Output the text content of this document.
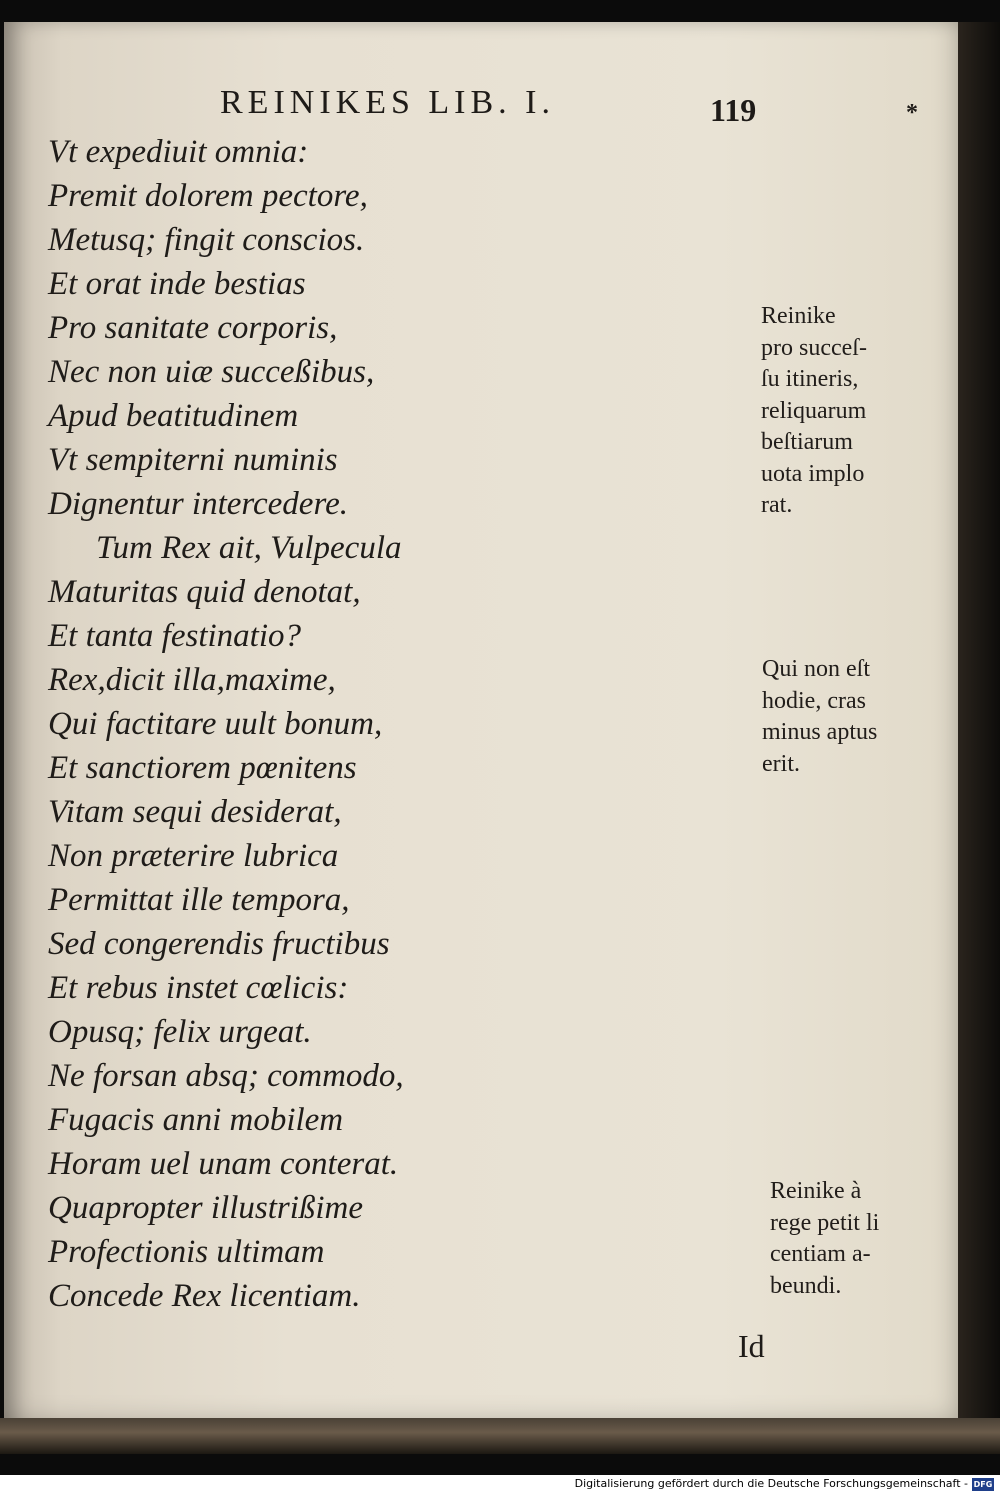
REINIKES LIB. I.	119	*
Vt expediuit omnia:
Premit dolorem pectore,
Metusq; fingit conscios.
Et orat inde bestias
Pro sanitate corporis,
Nec non uiæ succeßibus,
Apud beatitudinem
Vt sempiterni numinis
Dignentur intercedere.
Tum Rex ait, Vulpecula
Maturitas quid denotat,
Et tanta festinatio?
Rex,dicit illa,maxime,
Qui factitare uult bonum,
Et sanctiorem pœnitens
Vitam sequi desiderat,
Non præterire lubrica
Permittat ille tempora,
Sed congerendis fructibus
Et rebus instet cœlicis:
Opusq; felix urgeat.
Ne forsan absq; commodo,
Fugacis anni mobilem
Horam uel unam conterat.
Quapropter illustrißime
Profectionis ultimam
Concede Rex licentiam.
Reinike
pro succeſ-
ſu itineris,
reliquarum
beſtiarum
uota implo
rat.
Qui non eſt
hodie, cras
minus aptus
erit.
Reinike à
rege petit li
centiam a-
beundi.
Id
Digitalisierung gefördert durch die Deutsche Forschungsgemeinschaft - DFG
